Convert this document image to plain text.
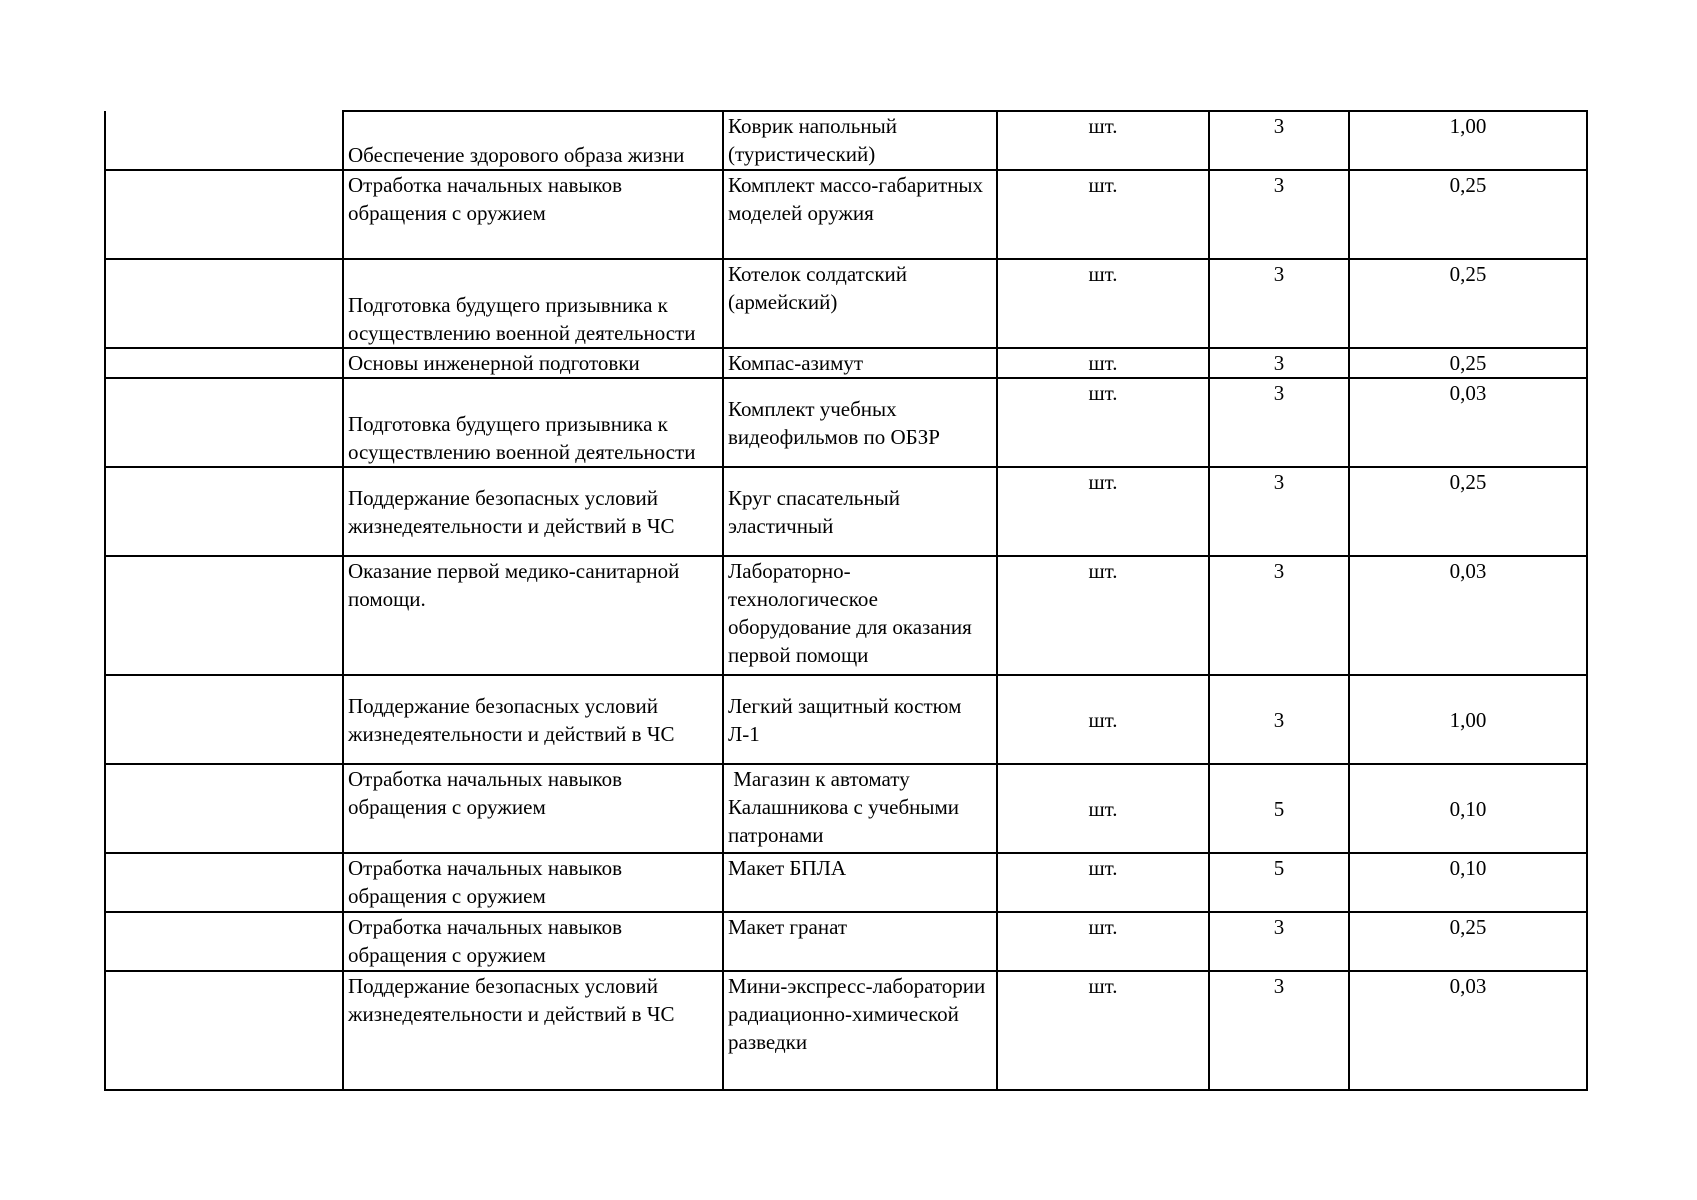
	Обеспечение здорового образа жизни	Коврик напольный (туристический)	шт.	3	1,00
	Отработка начальных навыков обращения с оружием	Комплект массо-габаритных моделей оружия	шт.	3	0,25
	Подготовка будущего призывника к осуществлению военной деятельности	Котелок солдатский (армейский)	шт.	3	0,25
	Основы инженерной подготовки	Компас-азимут	шт.	3	0,25
	Подготовка будущего призывника к осуществлению военной деятельности	Комплект учебных видеофильмов по ОБЗР	шт.	3	0,03
	Поддержание безопасных условий жизнедеятельности и действий в ЧС	Круг спасательный эластичный	шт.	3	0,25
	Оказание первой медико-санитарной помощи.	Лабораторно-технологическое оборудование для оказания первой помощи	шт.	3	0,03
	Поддержание безопасных условий жизнедеятельности и действий в ЧС	Легкий защитный костюм Л-1	шт.	3	1,00
	Отработка начальных навыков обращения с оружием	Магазин к автомату Калашникова с учебными патронами	шт.	5	0,10
	Отработка начальных навыков обращения с оружием	Макет БПЛА	шт.	5	0,10
	Отработка начальных навыков обращения с оружием	Макет гранат	шт.	3	0,25
	Поддержание безопасных условий жизнедеятельности и действий в ЧС	Мини-экспресс-лаборатории радиационно-химической разведки	шт.	3	0,03
